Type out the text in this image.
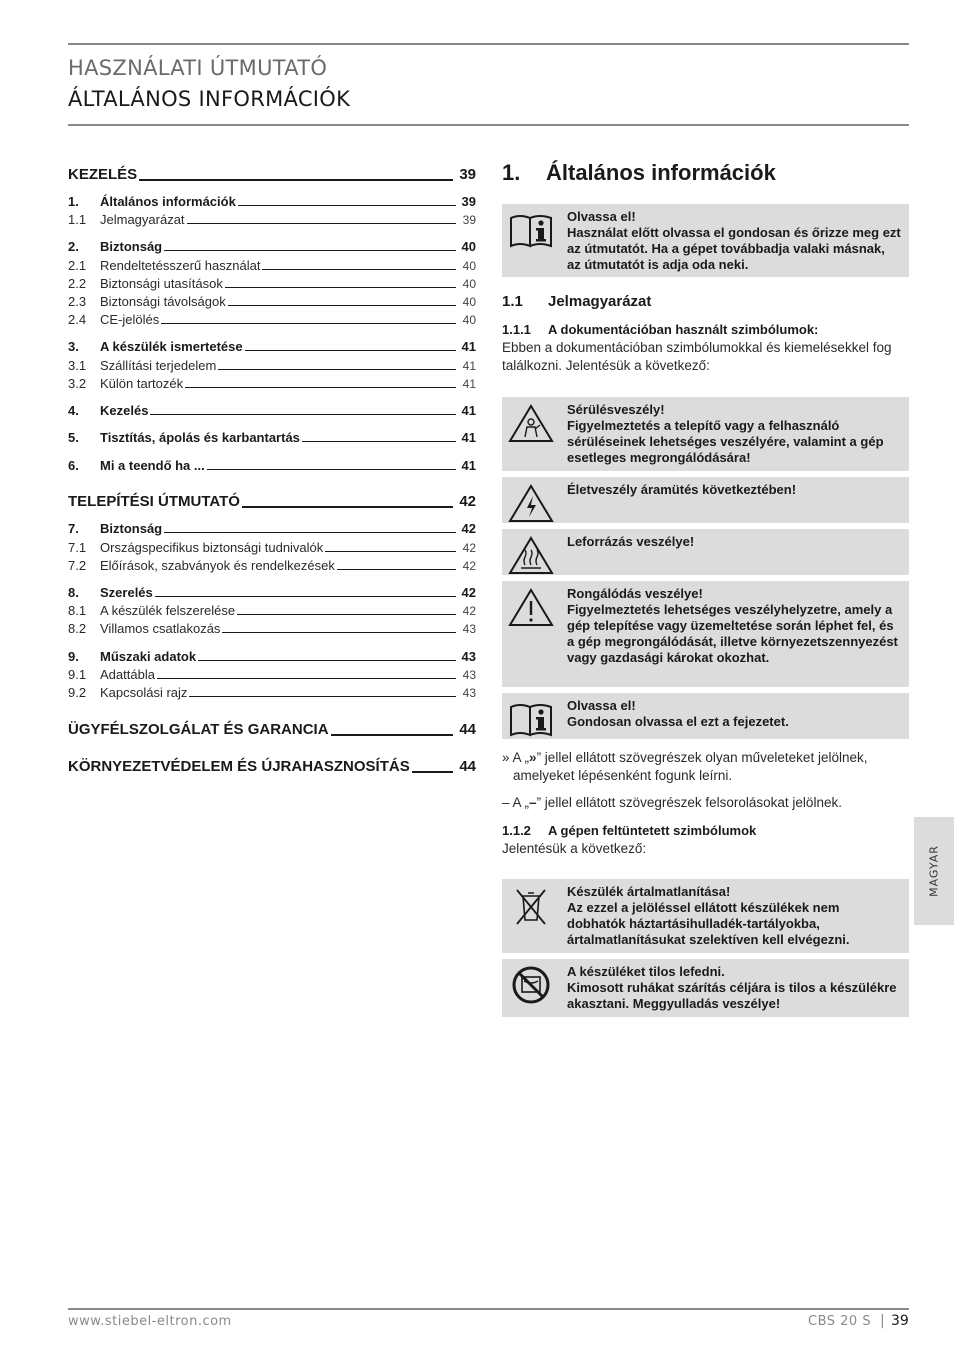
HASZNÁLATI ÚTMUTATÓ
ÁLTALÁNOS INFORMÁCIÓK
KEZELÉS	39
1.	Általános információk	39
1.1	Jelmagyarázat	39
2.	Biztonság	40
2.1	Rendeltetésszerű használat	40
2.2	Biztonsági utasítások	40
2.3	Biztonsági távolságok	40
2.4	CE-jelölés	40
3.	A készülék ismertetése	41
3.1	Szállítási terjedelem	41
3.2	Külön tartozék	41
4.	Kezelés	41
5.	Tisztítás, ápolás és karbantartás	41
6.	Mi a teendő ha ...	41
TELEPÍTÉSI ÚTMUTATÓ	42
7.	Biztonság	42
7.1	Országspecifikus biztonsági tudnivalók	42
7.2	Előírások, szabványok és rendelkezések	42
8.	Szerelés	42
8.1	A készülék felszerelése	42
8.2	Villamos csatlakozás	43
9.	Műszaki adatok	43
9.1	Adattábla	43
9.2	Kapcsolási rajz	43
ÜGYFÉLSZOLGÁLAT ÉS GARANCIA	44
KÖRNYEZETVÉDELEM ÉS ÚJRAHASZNOSÍTÁS	44
1. Általános információk

Olvassa el!

Használat előtt olvassa el gondosan és őrizze meg ezt az útmutatót. Ha a gépet továbbadja valaki másnak, az útmutatót is adja oda neki.

1.1 Jelmagyarázat
1.1.1 A dokumentációban használt szimbólumok:
Ebben a dokumentációban szimbólumokkal és kiemelésekkel fog találkozni. Jelentésük a következő:

Sérülésveszély!

Figyelmeztetés a telepítő vagy a felhasználó sérüléseinek lehetséges veszélyére, valamint a gép esetleges megrongálódására!

Életveszély áramütés következtében!

Leforrázás veszélye!

Rongálódás veszélye!

Figyelmeztetés lehetséges veszélyhelyzetre, amely a gép telepítése vagy üzemeltetése során léphet fel, és a gép megrongálódását, illetve környezetszennyezést vagy gazdasági károkat okozhat.

Olvassa el!

Gondosan olvassa el ezt a fejezetet.

» A „»” jellel ellátott szövegrészek olyan műveleteket jelölnek, amelyeket lépésenként fogunk leírni.
– A „–” jellel ellátott szövegrészek felsorolásokat jelölnek.
1.1.2 A gépen feltüntetett szimbólumok
Jelentésük a következő:

Készülék ártalmatlanítása!

Az ezzel a jelöléssel ellátott készülékek nem dobhatók háztartásihulladék-tartályokba, ártalmatlanításukat szelektíven kell elvégezni.

A készüléket tilos lefedni.

Kimosott ruhákat szárítás céljára is tilos a készülékre akasztani. Meggyulladás veszélye!

MAGYAR
www.stiebel-eltron.com	CBS 20 S | 39
